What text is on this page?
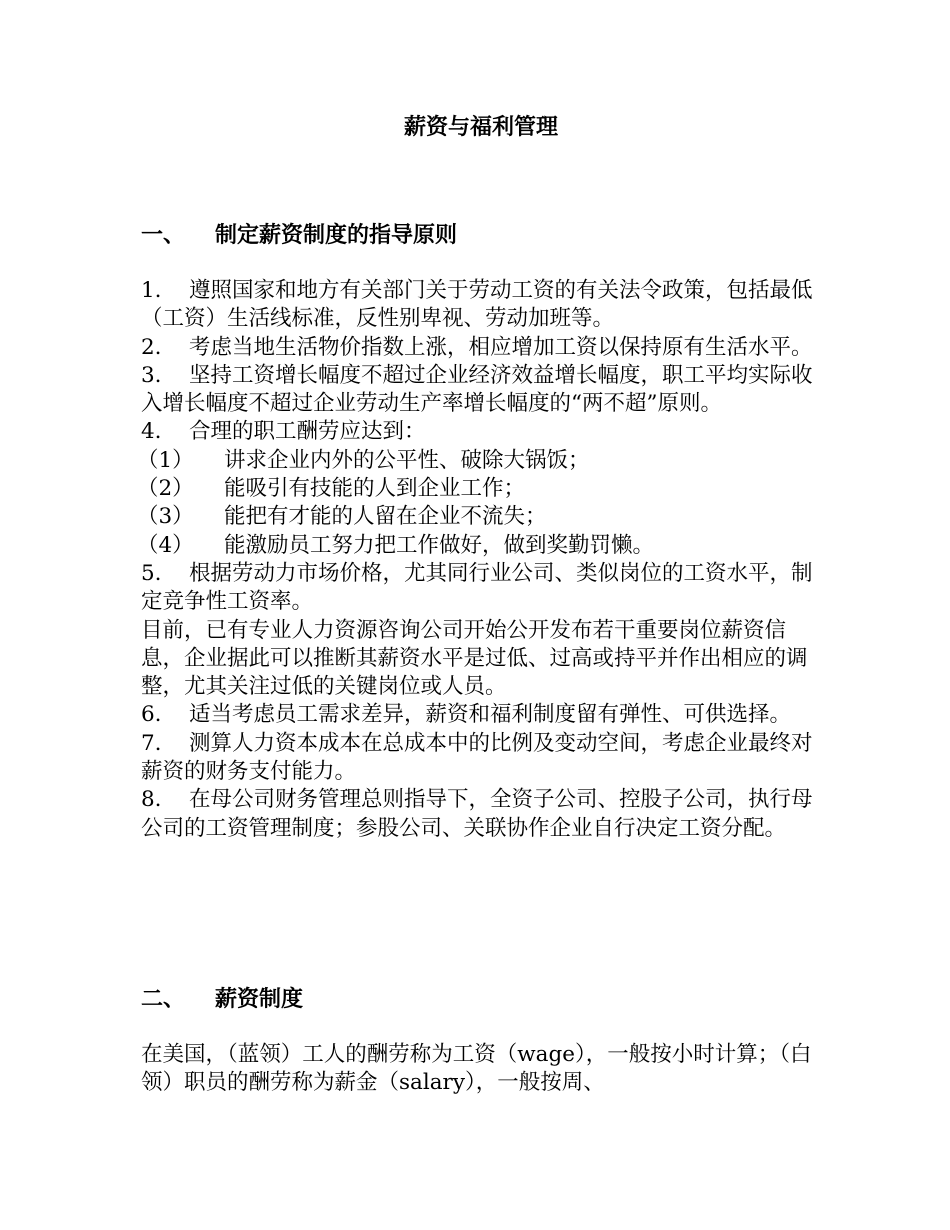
薪资与福利管理
一、 制定薪资制度的指导原则

1. 遵照国家和地方有关部门关于劳动工资的有关法令政策，包括最低（工资）生活线标准，反性别卑视、劳动加班等。

2. 考虑当地生活物价指数上涨，相应增加工资以保持原有生活水平。

3. 坚持工资增长幅度不超过企业经济效益增长幅度，职工平均实际收入增长幅度不超过企业劳动生产率增长幅度的“两不超”原则。

4. 合理的职工酬劳应达到：

（1） 讲求企业内外的公平性、破除大锅饭；

（2） 能吸引有技能的人到企业工作；

（3） 能把有才能的人留在企业不流失；

（4） 能激励员工努力把工作做好，做到奖勤罚懒。

5. 根据劳动力市场价格，尤其同行业公司、类似岗位的工资水平，制定竞争性工资率。

目前，已有专业人力资源咨询公司开始公开发布若干重要岗位薪资信息，企业据此可以推断其薪资水平是过低、过高或持平并作出相应的调整，尤其关注过低的关键岗位或人员。

6. 适当考虑员工需求差异，薪资和福利制度留有弹性、可供选择。

7. 测算人力资本成本在总成本中的比例及变动空间，考虑企业最终对薪资的财务支付能力。

8. 在母公司财务管理总则指导下，全资子公司、控股子公司，执行母公司的工资管理制度；参股公司、关联协作企业自行决定工资分配。

二、 薪资制度

在美国，（蓝领）工人的酬劳称为工资（wage），一般按小时计算；（白领）职员的酬劳称为薪金（salary），一般按周、
